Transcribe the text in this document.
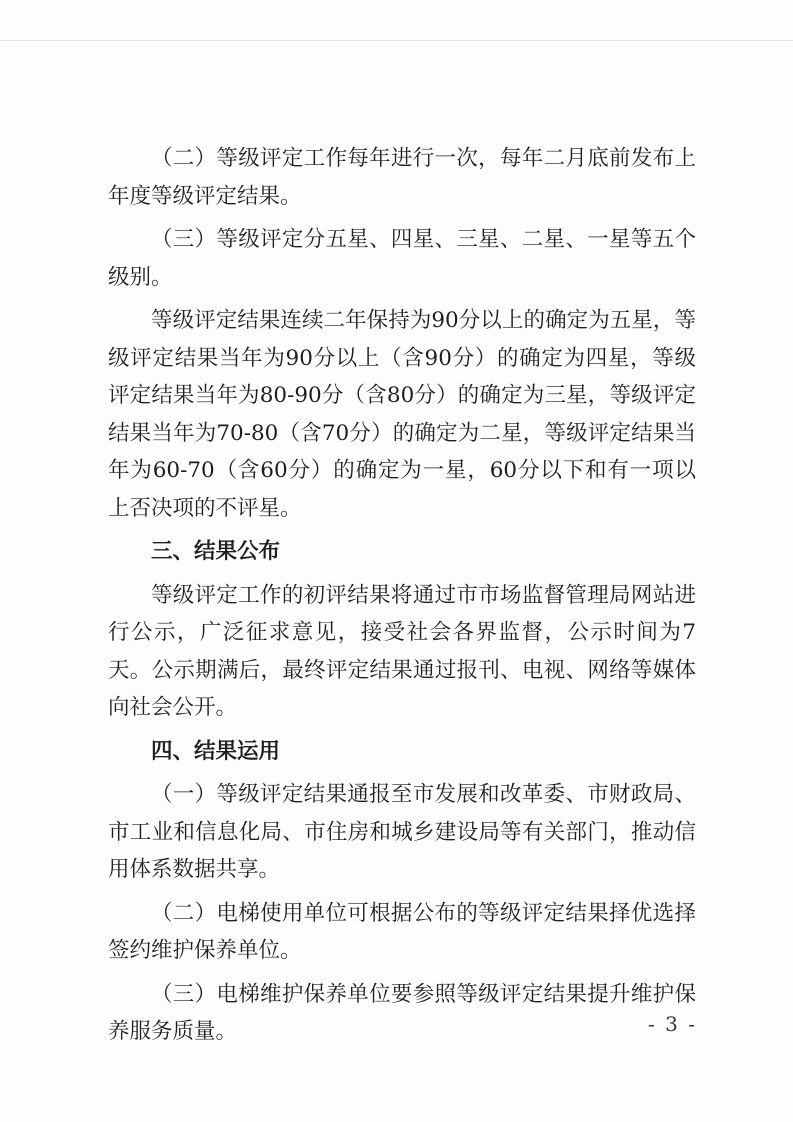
（二）等级评定工作每年进行一次，每年二月底前发布上年度等级评定结果。

（三）等级评定分五星、四星、三星、二星、一星等五个级别。

等级评定结果连续二年保持为90分以上的确定为五星，等级评定结果当年为90分以上（含90分）的确定为四星，等级评定结果当年为80-90分（含80分）的确定为三星，等级评定结果当年为70-80（含70分）的确定为二星，等级评定结果当年为60-70（含60分）的确定为一星，60分以下和有一项以上否决项的不评星。

三、结果公布

等级评定工作的初评结果将通过市市场监督管理局网站进行公示，广泛征求意见，接受社会各界监督，公示时间为7天。公示期满后，最终评定结果通过报刊、电视、网络等媒体向社会公开。

四、结果运用

（一）等级评定结果通报至市发展和改革委、市财政局、市工业和信息化局、市住房和城乡建设局等有关部门，推动信用体系数据共享。

（二）电梯使用单位可根据公布的等级评定结果择优选择签约维护保养单位。

（三）电梯维护保养单位要参照等级评定结果提升维护保养服务质量。	- 3 -
